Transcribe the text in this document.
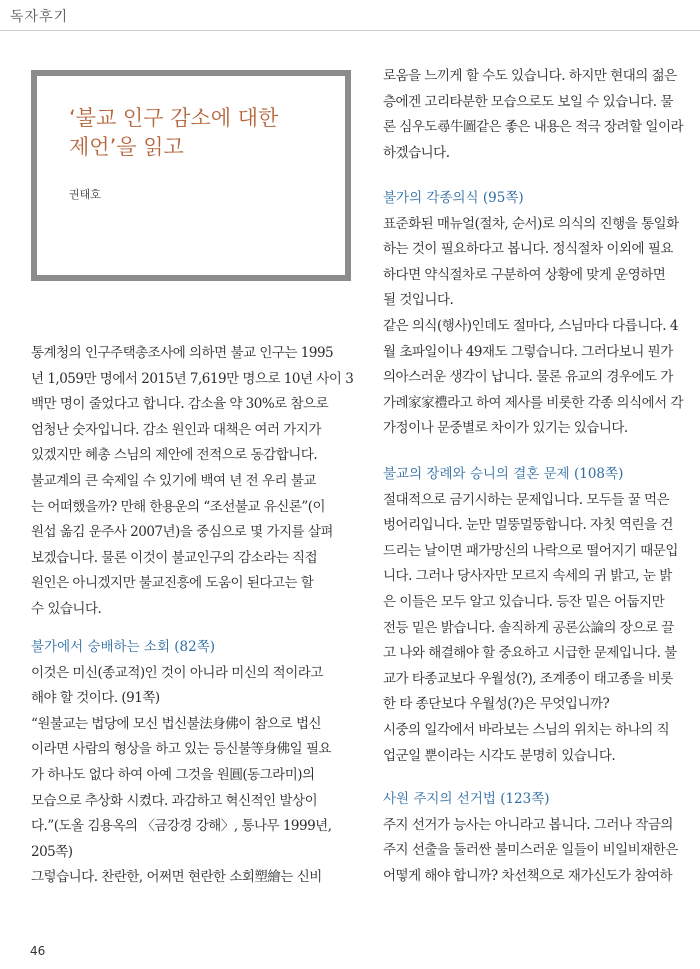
독자후기
‘불교 인구 감소에 대한
제언’을 읽고
권태호

통계청의 인구주택총조사에 의하면 불교 인구는 1995

년 1,059만 명에서 2015년 7,619만 명으로 10년 사이 3

백만 명이 줄었다고 합니다. 감소율 약 30%로 참으로

엄청난 숫자입니다. 감소 원인과 대책은 여러 가지가

있겠지만 혜총 스님의 제안에 전적으로 동감합니다.

불교계의 큰 숙제일 수 있기에 백여 년 전 우리 불교

는 어떠했을까? 만해 한용운의 “조선불교 유신론”(이

원섭 옮김 운주사 2007년)을 중심으로 몇 가지를 살펴

보겠습니다. 물론 이것이 불교인구의 감소라는 직접

원인은 아니겠지만 불교진흥에 도움이 된다고는 할

수 있습니다.

불가에서 숭배하는 소회 (82쪽)

이것은 미신(종교적)인 것이 아니라 미신의 적이라고

해야 할 것이다. (91쪽)

“원불교는 법당에 모신 법신불法身佛이 참으로 법신

이라면 사람의 형상을 하고 있는 등신불等身佛일 필요

가 하나도 없다 하여 아예 그것을 원圓(동그라미)의

모습으로 추상화 시켰다. 과감하고 혁신적인 발상이

다.”(도올 김용옥의 〈금강경 강해〉, 통나무 1999년,

205쪽)

그렇습니다. 찬란한, 어쩌면 현란한 소회塑繪는 신비

로움을 느끼게 할 수도 있습니다. 하지만 현대의 젊은

층에겐 고리타분한 모습으로도 보일 수 있습니다. 물

론 심우도尋牛圖같은 좋은 내용은 적극 장려할 일이라

하겠습니다.

불가의 각종의식 (95쪽)

표준화된 매뉴얼(절차, 순서)로 의식의 진행을 통일화

하는 것이 필요하다고 봅니다. 정식절차 이외에 필요

하다면 약식절차로 구분하여 상황에 맞게 운영하면

될 것입니다.

같은 의식(행사)인데도 절마다, 스님마다 다릅니다. 4

월 초파일이나 49재도 그렇습니다. 그러다보니 뭔가

의아스러운 생각이 납니다. 물론 유교의 경우에도 가

가례家家禮라고 하여 제사를 비롯한 각종 의식에서 각

가정이나 문중별로 차이가 있기는 있습니다.

불교의 장례와 승니의 결혼 문제 (108쪽)

절대적으로 금기시하는 문제입니다. 모두들 꿀 먹은

벙어리입니다. 눈만 멀뚱멀뚱합니다. 자칫 역린을 건

드리는 날이면 패가망신의 나락으로 떨어지기 때문입

니다. 그러나 당사자만 모르지 속세의 귀 밝고, 눈 밝

은 이들은 모두 알고 있습니다. 등잔 밑은 어둡지만

전등 밑은 밝습니다. 솔직하게 공론公論의 장으로 끌

고 나와 해결해야 할 중요하고 시급한 문제입니다. 불

교가 타종교보다 우월성(?), 조계종이 태고종을 비롯

한 타 종단보다 우월성(?)은 무엇입니까?

시중의 일각에서 바라보는 스님의 위치는 하나의 직

업군일 뿐이라는 시각도 분명히 있습니다.

사원 주지의 선거법 (123쪽)

주지 선거가 능사는 아니라고 봅니다. 그러나 작금의

주지 선출을 둘러싼 불미스러운 일들이 비일비재한은

어떻게 해야 합니까? 차선책으로 재가신도가 참여하

46
